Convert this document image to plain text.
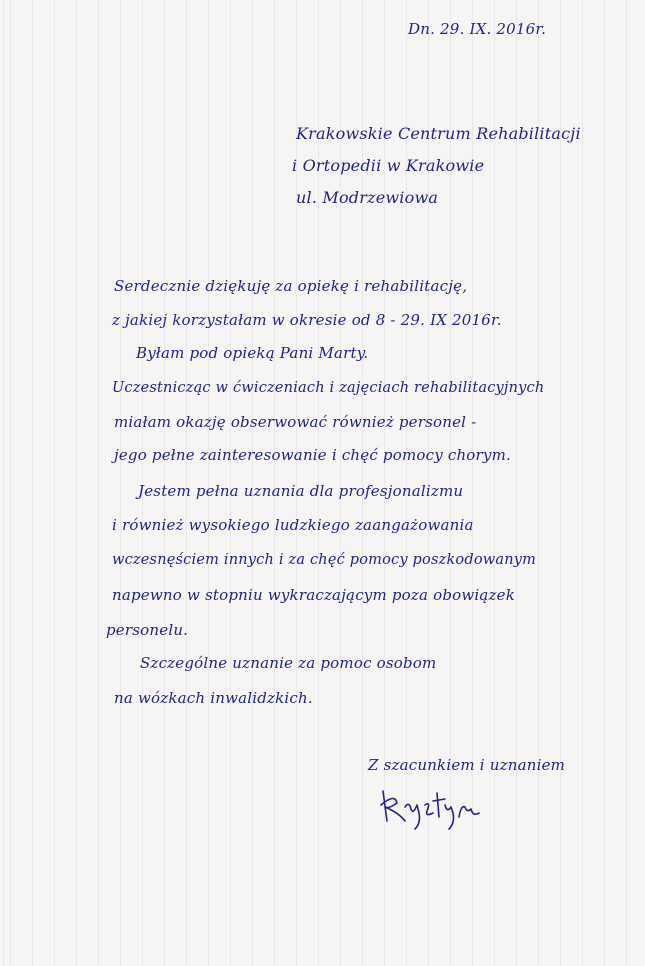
Dn. 29. IX. 2016r.
Krakowskie Centrum Rehabilitacji
i Ortopedii w Krakowie
ul. Modrzewiowa
Serdecznie dziękuję za opiekę i rehabilitację,
z jakiej korzystałam w okresie od 8 - 29. IX 2016r.
Byłam pod opieką Pani Marty.
Uczestnicząc w ćwiczeniach i zajęciach rehabilitacyjnych
miałam okazję obserwować również personel -
jego pełne zainteresowanie i chęć pomocy chorym.
Jestem pełna uznania dla profesjonalizmu
i również wysokiego ludzkiego zaangażowania
wczesnęściem innych i za chęć pomocy poszkodowanym
napewno w stopniu wykraczającym poza obowiązek
personelu.
Szczególne uznanie za pomoc osobom
na wózkach inwalidzkich.
Z szacunkiem i uznaniem
